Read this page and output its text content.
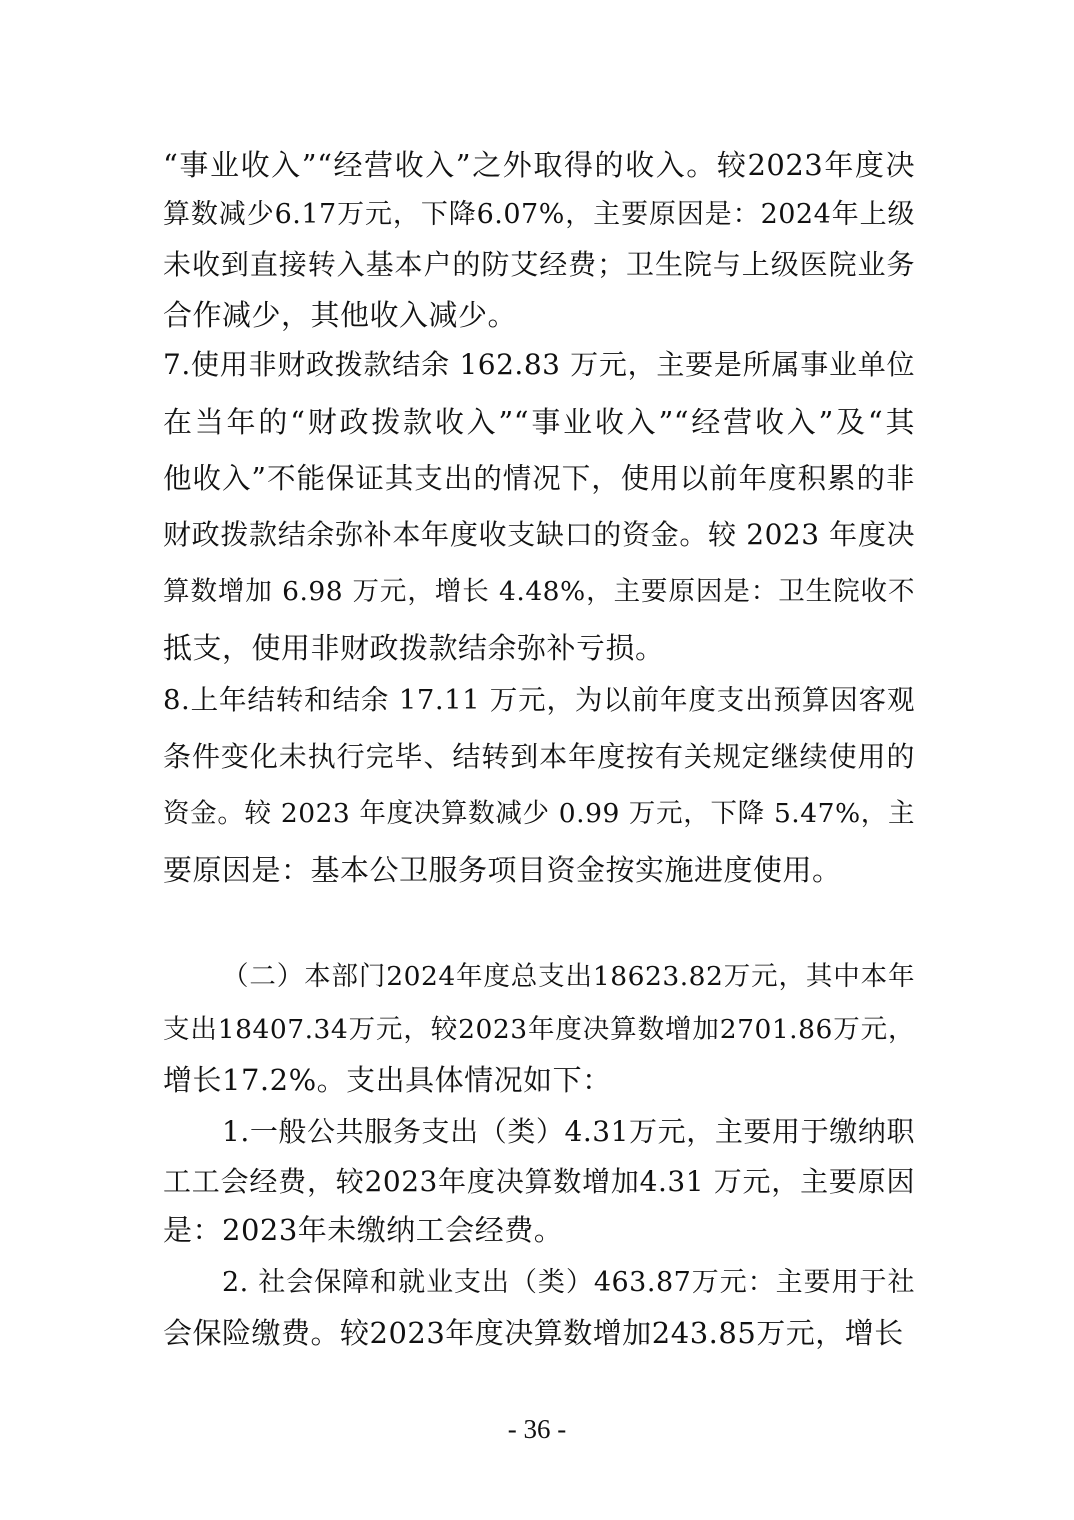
“事业收入”“经营收入”之外取得的收入。较2023年度决
算数减少6.17万元，下降6.07%，主要原因是：2024年上级
未收到直接转入基本户的防艾经费；卫生院与上级医院业务
合作减少，其他收入减少。
7.使用非财政拨款结余 162.83 万元，主要是所属事业单位
在当年的“财政拨款收入”“事业收入”“经营收入”及“其
他收入”不能保证其支出的情况下，使用以前年度积累的非
财政拨款结余弥补本年度收支缺口的资金。较 2023 年度决
算数增加 6.98 万元，增长 4.48%，主要原因是：卫生院收不
抵支，使用非财政拨款结余弥补亏损。
8.上年结转和结余 17.11 万元，为以前年度支出预算因客观
条件变化未执行完毕、结转到本年度按有关规定继续使用的
资金。较 2023 年度决算数减少 0.99 万元，下降 5.47%，主
要原因是：基本公卫服务项目资金按实施进度使用。
（二）本部门2024年度总支出18623.82万元，其中本年
支出18407.34万元，较2023年度决算数增加2701.86万元，
增长17.2%。支出具体情况如下：
1.一般公共服务支出（类）4.31万元，主要用于缴纳职
工工会经费，较2023年度决算数增加4.31 万元，主要原因
是：2023年未缴纳工会经费。
2. 社会保障和就业支出（类）463.87万元：主要用于社
会保险缴费。较2023年度决算数增加243.85万元，增长
- 36 -
